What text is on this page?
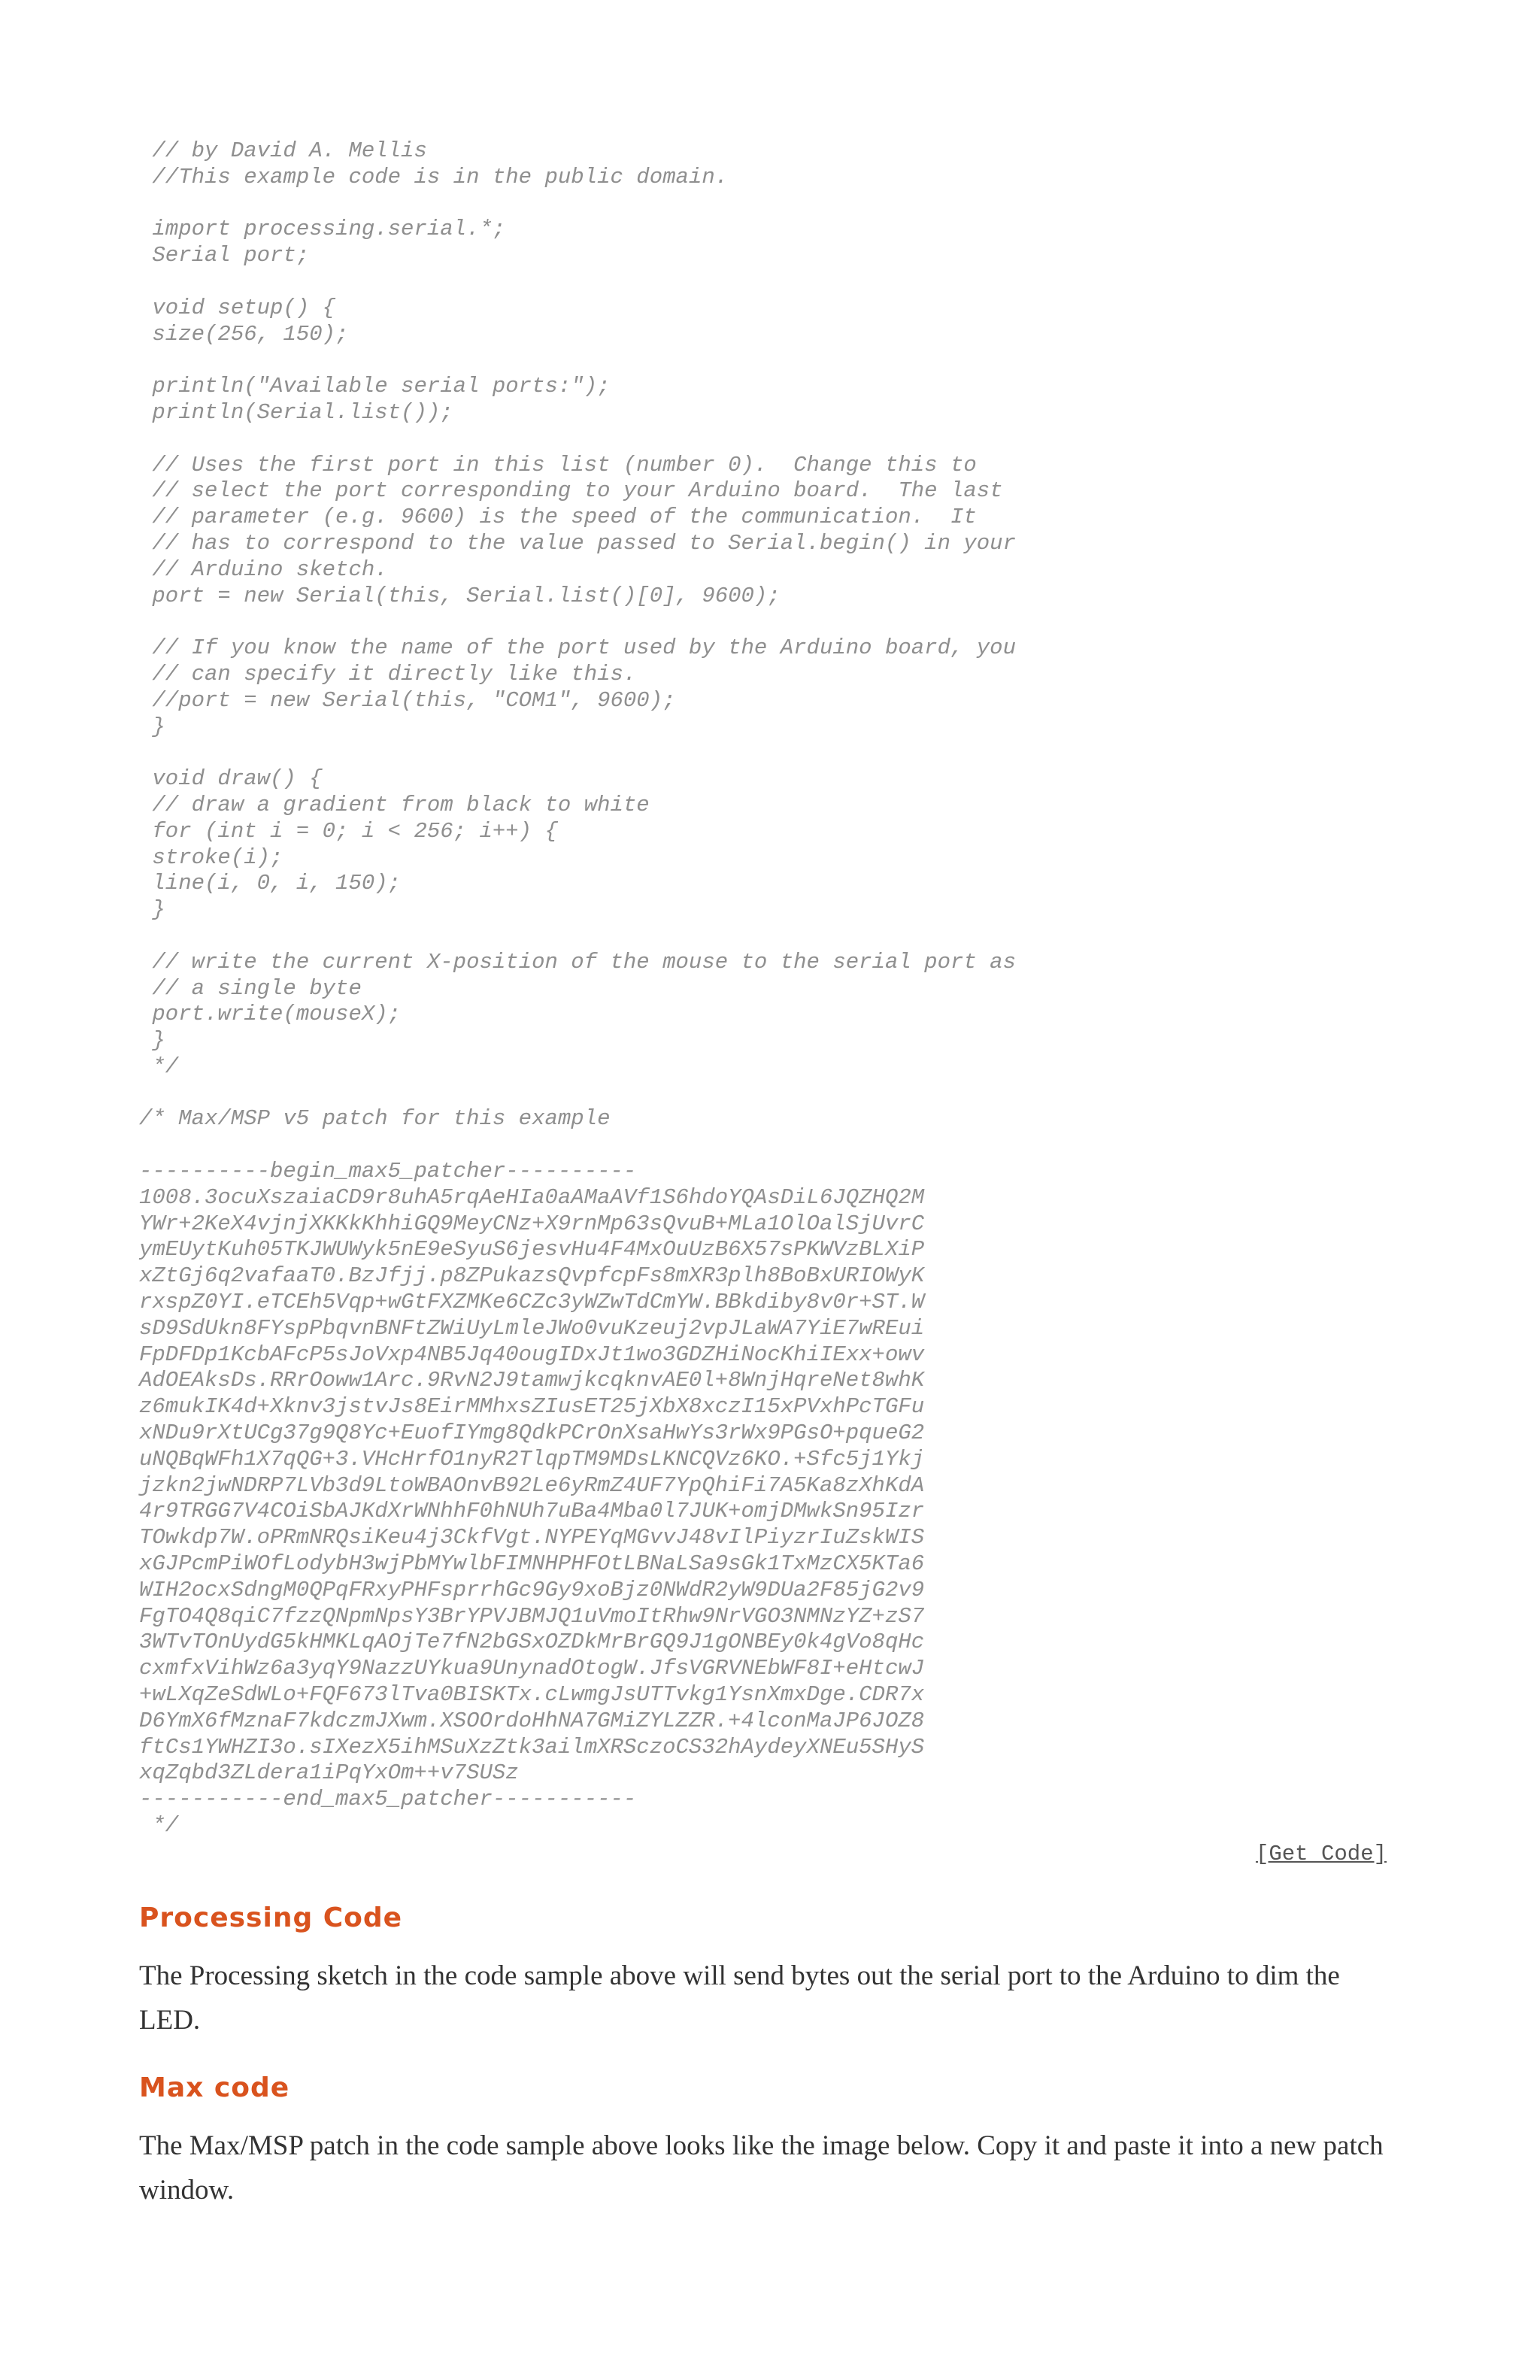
// by David A. Mellis
//This example code is in the public domain.
import processing.serial.*;
Serial port;
void setup() {
size(256, 150);
println("Available serial ports:");
println(Serial.list());
// Uses the first port in this list (number 0).  Change this to
// select the port corresponding to your Arduino board.  The last
// parameter (e.g. 9600) is the speed of the communication.  It
// has to correspond to the value passed to Serial.begin() in your
// Arduino sketch.
port = new Serial(this, Serial.list()[0], 9600);
// If you know the name of the port used by the Arduino board, you
// can specify it directly like this.
//port = new Serial(this, "COM1", 9600);
}
void draw() {
// draw a gradient from black to white
for (int i = 0; i < 256; i++) {
stroke(i);
line(i, 0, i, 150);
}
// write the current X-position of the mouse to the serial port as
// a single byte
port.write(mouseX);
}
*/
/* Max/MSP v5 patch for this example
----------begin_max5_patcher----------
1008.3ocuXszaiaCD9r8uhA5rqAeHIa0aAMaAVf1S6hdoYQAsDiL6JQZHQ2M
YWr+2KeX4vjnjXKKkKhhiGQ9MeyCNz+X9rnMp63sQvuB+MLa1OlOalSjUvrC
ymEUytKuh05TKJWUWyk5nE9eSyuS6jesvHu4F4MxOuUzB6X57sPKWVzBLXiP
xZtGj6q2vafaaT0.BzJfjj.p8ZPukazsQvpfcpFs8mXR3plh8BoBxURIOWyK
rxspZ0YI.eTCEh5Vqp+wGtFXZMKe6CZc3yWZwTdCmYW.BBkdiby8v0r+ST.W
sD9SdUkn8FYspPbqvnBNFtZWiUyLmleJWo0vuKzeuj2vpJLaWA7YiE7wREui
FpDFDp1KcbAFcP5sJoVxp4NB5Jq40ougIDxJt1wo3GDZHiNocKhiIExx+owv
AdOEAksDs.RRrOoww1Arc.9RvN2J9tamwjkcqknvAE0l+8WnjHqreNet8whK
z6mukIK4d+Xknv3jstvJs8EirMMhxsZIusET25jXbX8xczI15xPVxhPcTGFu
xNDu9rXtUCg37g9Q8Yc+EuofIYmg8QdkPCrOnXsaHwYs3rWx9PGsO+pqueG2
uNQBqWFh1X7qQG+3.VHcHrfO1nyR2TlqpTM9MDsLKNCQVz6KO.+Sfc5j1Ykj
jzkn2jwNDRP7LVb3d9LtoWBAOnvB92Le6yRmZ4UF7YpQhiFi7A5Ka8zXhKdA
4r9TRGG7V4COiSbAJKdXrWNhhF0hNUh7uBa4Mba0l7JUK+omjDMwkSn95Izr
TOwkdp7W.oPRmNRQsiKeu4j3CkfVgt.NYPEYqMGvvJ48vIlPiyzrIuZskWIS
xGJPcmPiWOfLodybH3wjPbMYwlbFIMNHPHFOtLBNaLSa9sGk1TxMzCX5KTa6
WIH2ocxSdngM0QPqFRxyPHFsprrhGc9Gy9xoBjz0NWdR2yW9DUa2F85jG2v9
FgTO4Q8qiC7fzzQNpmNpsY3BrYPVJBMJQ1uVmoItRhw9NrVGO3NMNzYZ+zS7
3WTvTOnUydG5kHMKLqAOjTe7fN2bGSxOZDkMrBrGQ9J1gONBEy0k4gVo8qHc
cxmfxVihWz6a3yqY9NazzUYkua9UnynadOtogW.JfsVGRVNEbWF8I+eHtcwJ
+wLXqZeSdWLo+FQF673lTva0BISKTx.cLwmgJsUTTvkg1YsnXmxDge.CDR7x
D6YmX6fMznaF7kdczmJXwm.XSOOrdoHhNA7GMiZYLZZR.+4lconMaJP6JOZ8
ftCs1YWHZI3o.sIXezX5ihMSuXzZtk3ailmXRSczoCS32hAydeyXNEu5SHyS
xqZqbd3ZLdera1iPqYxOm++v7SUSz
-----------end_max5_patcher-----------
*/
[Get Code]
Processing Code

The Processing sketch in the code sample above will send bytes out the serial port to the Arduino to dim the LED.

Max code

The Max/MSP patch in the code sample above looks like the image below. Copy it and paste it into a new patch window.
